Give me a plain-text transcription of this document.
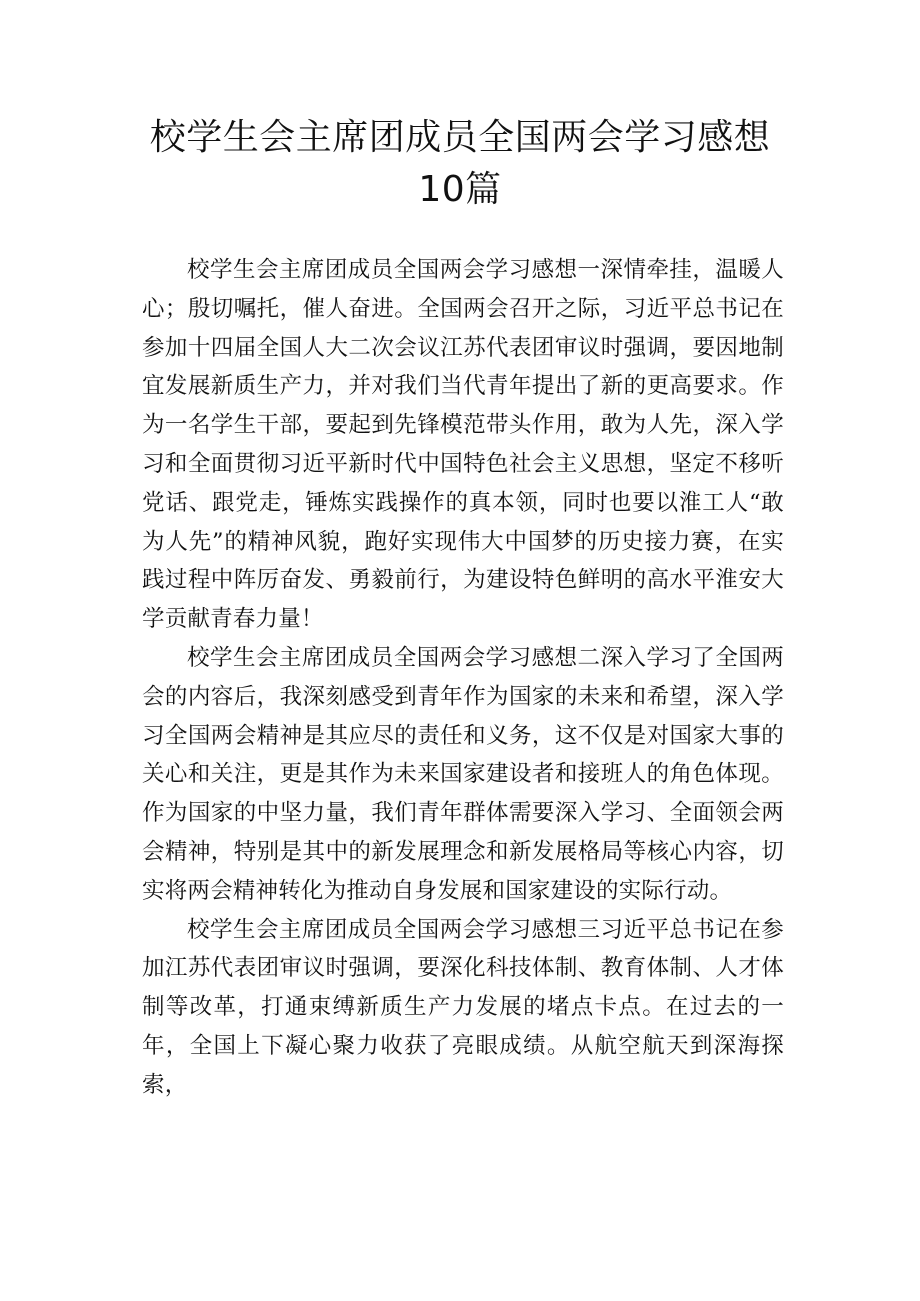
校学生会主席团成员全国两会学习感想10篇

校学生会主席团成员全国两会学习感想一深情牵挂，温暖人心；殷切嘱托，催人奋进。全国两会召开之际，习近平总书记在参加十四届全国人大二次会议江苏代表团审议时强调，要因地制宜发展新质生产力，并对我们当代青年提出了新的更高要求。作为一名学生干部，要起到先锋模范带头作用，敢为人先，深入学习和全面贯彻习近平新时代中国特色社会主义思想，坚定不移听党话、跟党走，锤炼实践操作的真本领，同时也要以淮工人“敢为人先”的精神风貌，跑好实现伟大中国梦的历史接力赛，在实践过程中阵厉奋发、勇毅前行，为建设特色鲜明的高水平淮安大学贡献青春力量！

校学生会主席团成员全国两会学习感想二深入学习了全国两会的内容后，我深刻感受到青年作为国家的未来和希望，深入学习全国两会精神是其应尽的责任和义务，这不仅是对国家大事的关心和关注，更是其作为未来国家建设者和接班人的角色体现。作为国家的中坚力量，我们青年群体需要深入学习、全面领会两会精神，特别是其中的新发展理念和新发展格局等核心内容，切实将两会精神转化为推动自身发展和国家建设的实际行动。

校学生会主席团成员全国两会学习感想三习近平总书记在参加江苏代表团审议时强调，要深化科技体制、教育体制、人才体制等改革，打通束缚新质生产力发展的堵点卡点。在过去的一年，全国上下凝心聚力收获了亮眼成绩。从航空航天到深海探索，
